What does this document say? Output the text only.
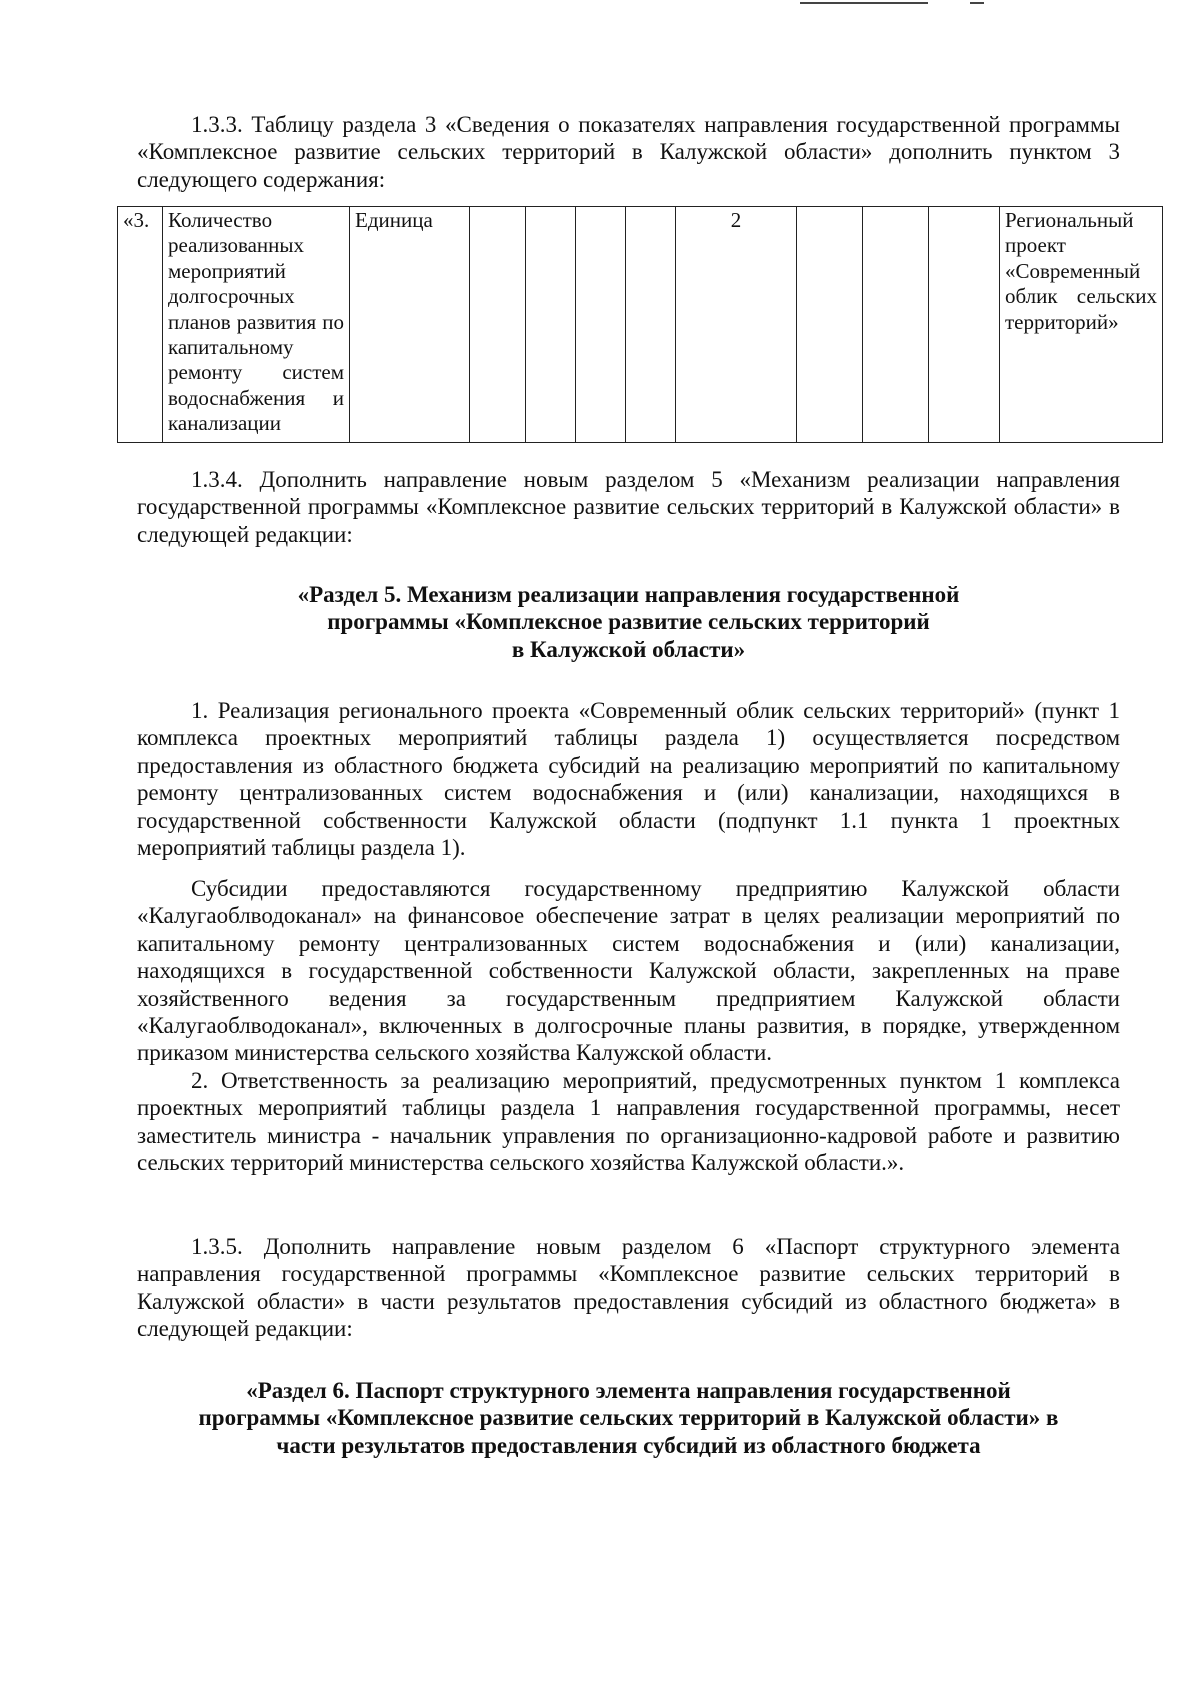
1.3.3. Таблицу раздела 3 «Сведения о показателях направления государственной программы «Комплексное развитие сельских территорий в Калужской области» дополнить пунктом 3 следующего содержания:

«3.	Количество реализованных мероприятий долгосрочных планов развития по капитальному ремонту систем водоснабжения и канализации	Единица					2				Региональный проект «Современный облик сельских территорий»

1.3.4. Дополнить направление новым разделом 5 «Механизм реализации направления государственной программы «Комплексное развитие сельских территорий в Калужской области» в следующей редакции:

«Раздел 5. Механизм реализации направления государственной
программы «Комплексное развитие сельских территорий
в Калужской области»

1. Реализация регионального проекта «Современный облик сельских территорий» (пункт 1 комплекса проектных мероприятий таблицы раздела 1) осуществляется посредством предоставления из областного бюджета субсидий на реализацию мероприятий по капитальному ремонту централизованных систем водоснабжения и (или) канализации, находящихся в государственной собственности Калужской области (подпункт 1.1 пункта 1 проектных мероприятий таблицы раздела 1).

Субсидии предоставляются государственному предприятию Калужской области «Калугаоблводоканал» на финансовое обеспечение затрат в целях реализации мероприятий по капитальному ремонту централизованных систем водоснабжения и (или) канализации, находящихся в государственной собственности Калужской области, закрепленных на праве хозяйственного ведения за государственным предприятием Калужской области «Калугаоблводоканал», включенных в долгосрочные планы развития, в порядке, утвержденном приказом министерства сельского хозяйства Калужской области.

2. Ответственность за реализацию мероприятий, предусмотренных пунктом 1 комплекса проектных мероприятий таблицы раздела 1 направления государственной программы, несет заместитель министра - начальник управления по организационно-кадровой работе и развитию сельских территорий министерства сельского хозяйства Калужской области.».

1.3.5. Дополнить направление новым разделом 6 «Паспорт структурного элемента направления государственной программы «Комплексное развитие сельских территорий в Калужской области» в части результатов предоставления субсидий из областного бюджета» в следующей редакции:

«Раздел 6. Паспорт структурного элемента направления государственной
программы «Комплексное развитие сельских территорий в Калужской области» в
части результатов предоставления субсидий из областного бюджета
